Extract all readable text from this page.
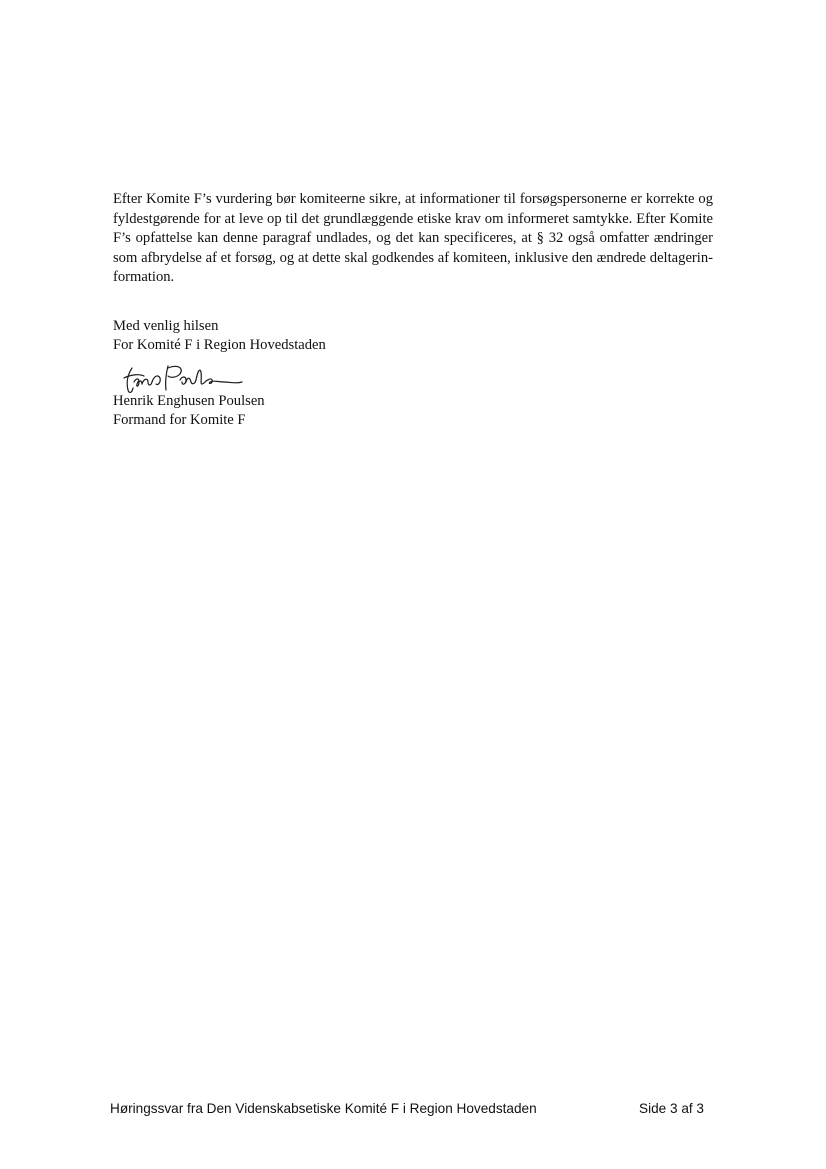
Efter Komite F’s vurdering bør komiteerne sikre, at informationer til forsøgspersonerne er korrekte og fyldestgørende for at leve op til det grundlæggende etiske krav om informeret samtykke. Efter Komite F’s opfattelse kan denne paragraf undlades, og det kan specificeres, at § 32 også omfatter ændringer som afbrydelse af et forsøg, og at dette skal godkendes af komiteen, inklusive den ændrede deltagerin-formation.

Med venlig hilsen
For Komité F i Region Hovedstaden
Henrik Enghusen Poulsen
Formand for Komite F
Høringssvar fra Den Videnskabsetiske Komité F i Region Hovedstaden	Side 3 af 3
